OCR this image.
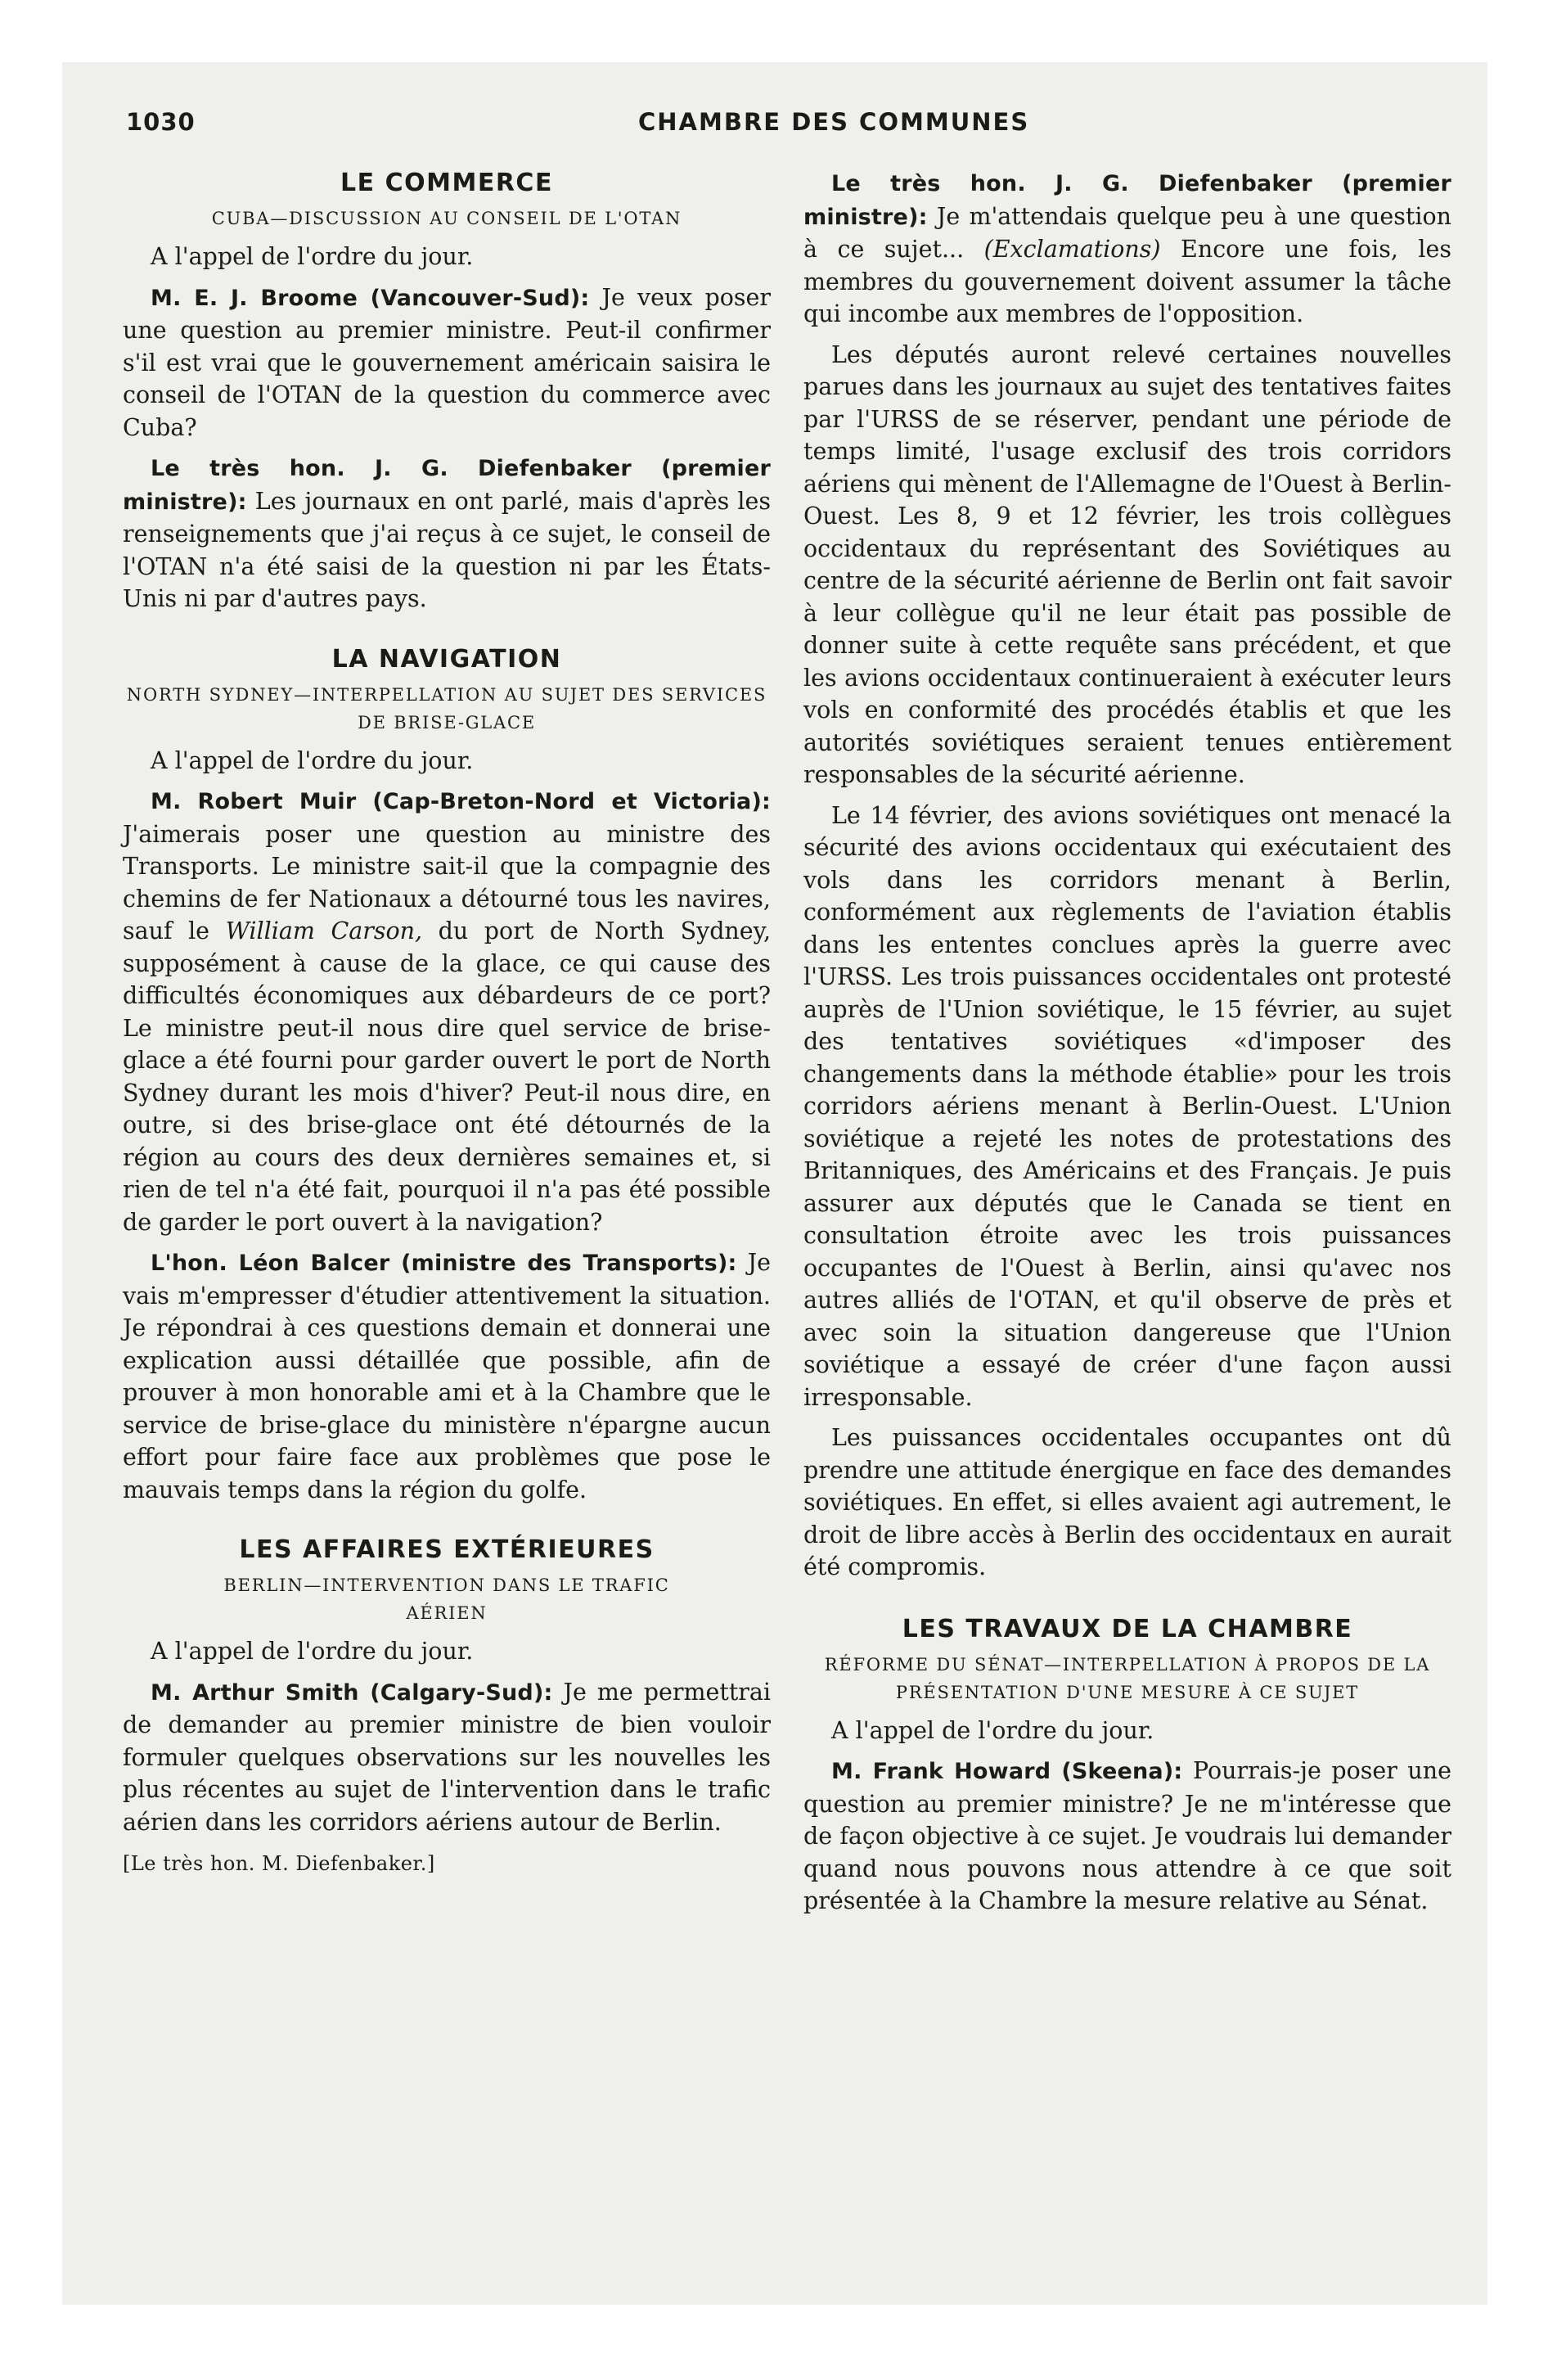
1030	CHAMBRE DES COMMUNES
LE COMMERCE
CUBA—DISCUSSION AU CONSEIL DE L'OTAN

A l'appel de l'ordre du jour.

M. E. J. Broome (Vancouver-Sud): Je veux poser une question au premier ministre. Peut-il confirmer s'il est vrai que le gouvernement américain saisira le conseil de l'OTAN de la question du commerce avec Cuba?

Le très hon. J. G. Diefenbaker (premier ministre): Les journaux en ont parlé, mais d'après les renseignements que j'ai reçus à ce sujet, le conseil de l'OTAN n'a été saisi de la question ni par les États-Unis ni par d'autres pays.

LA NAVIGATION
NORTH SYDNEY—INTERPELLATION AU SUJET DES SERVICES DE BRISE-GLACE

A l'appel de l'ordre du jour.

M. Robert Muir (Cap-Breton-Nord et Victoria): J'aimerais poser une question au ministre des Transports. Le ministre sait-il que la compagnie des chemins de fer Nationaux a détourné tous les navires, sauf le William Carson, du port de North Sydney, supposément à cause de la glace, ce qui cause des difficultés économiques aux débardeurs de ce port? Le ministre peut-il nous dire quel service de brise-glace a été fourni pour garder ouvert le port de North Sydney durant les mois d'hiver? Peut-il nous dire, en outre, si des brise-glace ont été détournés de la région au cours des deux dernières semaines et, si rien de tel n'a été fait, pourquoi il n'a pas été possible de garder le port ouvert à la navigation?

L'hon. Léon Balcer (ministre des Transports): Je vais m'empresser d'étudier attentivement la situation. Je répondrai à ces questions demain et donnerai une explication aussi détaillée que possible, afin de prouver à mon honorable ami et à la Chambre que le service de brise-glace du ministère n'épargne aucun effort pour faire face aux problèmes que pose le mauvais temps dans la région du golfe.

LES AFFAIRES EXTÉRIEURES
BERLIN—INTERVENTION DANS LE TRAFIC AÉRIEN

A l'appel de l'ordre du jour.

M. Arthur Smith (Calgary-Sud): Je me permettrai de demander au premier ministre de bien vouloir formuler quelques observations sur les nouvelles les plus récentes au sujet de l'intervention dans le trafic aérien dans les corridors aériens autour de Berlin.

[Le très hon. M. Diefenbaker.]

Le très hon. J. G. Diefenbaker (premier ministre): Je m'attendais quelque peu à une question à ce sujet... (Exclamations) Encore une fois, les membres du gouvernement doivent assumer la tâche qui incombe aux membres de l'opposition.

Les députés auront relevé certaines nouvelles parues dans les journaux au sujet des tentatives faites par l'URSS de se réserver, pendant une période de temps limité, l'usage exclusif des trois corridors aériens qui mènent de l'Allemagne de l'Ouest à Berlin-Ouest. Les 8, 9 et 12 février, les trois collègues occidentaux du représentant des Soviétiques au centre de la sécurité aérienne de Berlin ont fait savoir à leur collègue qu'il ne leur était pas possible de donner suite à cette requête sans précédent, et que les avions occidentaux continueraient à exécuter leurs vols en conformité des procédés établis et que les autorités soviétiques seraient tenues entièrement responsables de la sécurité aérienne.

Le 14 février, des avions soviétiques ont menacé la sécurité des avions occidentaux qui exécutaient des vols dans les corridors menant à Berlin, conformément aux règlements de l'aviation établis dans les ententes conclues après la guerre avec l'URSS. Les trois puissances occidentales ont protesté auprès de l'Union soviétique, le 15 février, au sujet des tentatives soviétiques «d'imposer des changements dans la méthode établie» pour les trois corridors aériens menant à Berlin-Ouest. L'Union soviétique a rejeté les notes de protestations des Britanniques, des Américains et des Français. Je puis assurer aux députés que le Canada se tient en consultation étroite avec les trois puissances occupantes de l'Ouest à Berlin, ainsi qu'avec nos autres alliés de l'OTAN, et qu'il observe de près et avec soin la situation dangereuse que l'Union soviétique a essayé de créer d'une façon aussi irresponsable.

Les puissances occidentales occupantes ont dû prendre une attitude énergique en face des demandes soviétiques. En effet, si elles avaient agi autrement, le droit de libre accès à Berlin des occidentaux en aurait été compromis.

LES TRAVAUX DE LA CHAMBRE
RÉFORME DU SÉNAT—INTERPELLATION À PROPOS DE LA PRÉSENTATION D'UNE MESURE À CE SUJET

A l'appel de l'ordre du jour.

M. Frank Howard (Skeena): Pourrais-je poser une question au premier ministre? Je ne m'intéresse que de façon objective à ce sujet. Je voudrais lui demander quand nous pouvons nous attendre à ce que soit présentée à la Chambre la mesure relative au Sénat.
